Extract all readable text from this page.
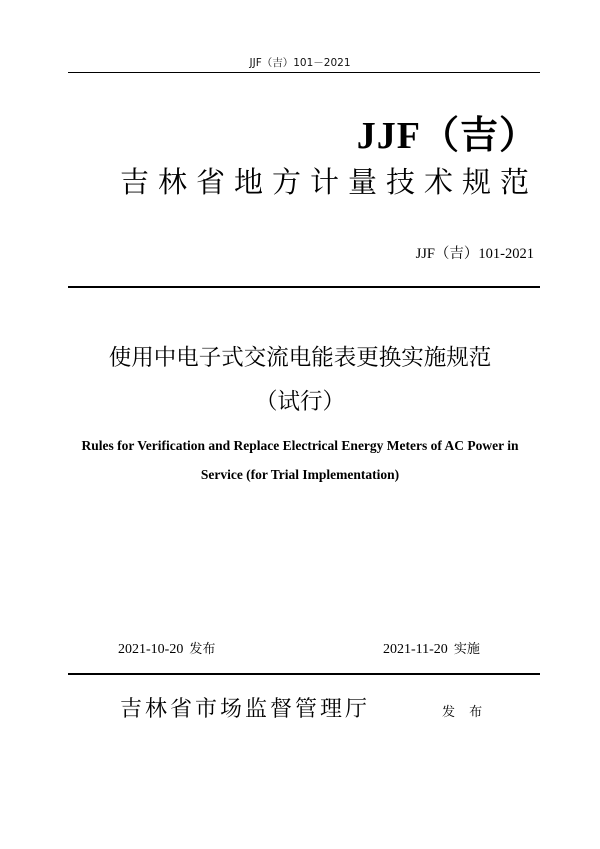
JJF（吉）101－2021
JJF（吉）
吉林省地方计量技术规范
JJF（吉）101-2021
使用中电子式交流电能表更换实施规范
（试行）
Rules for Verification and Replace Electrical Energy Meters of AC Power in
Service (for Trial Implementation)
2021-10-20 发布	2021-11-20 实施
吉林省市场监督管理厅	发 布
